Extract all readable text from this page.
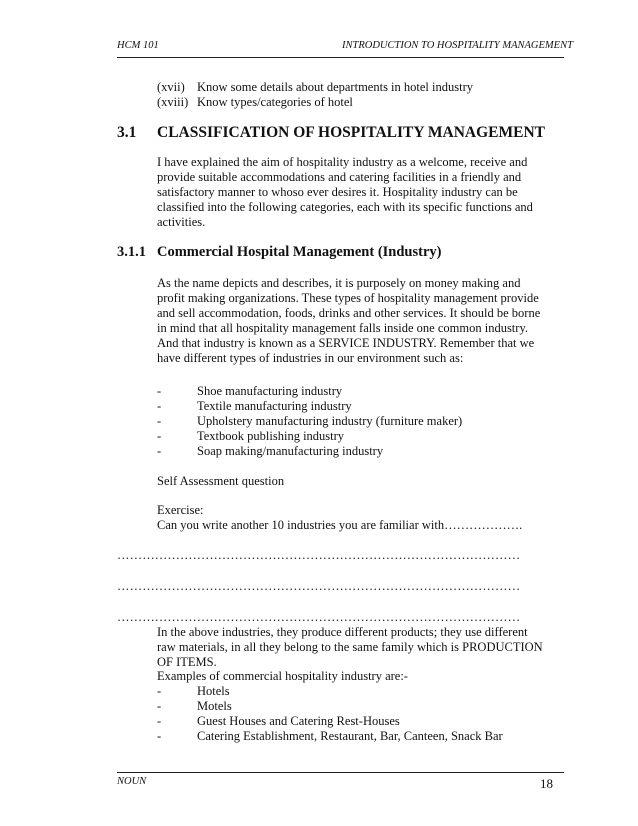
HCM 101	INTRODUCTION TO HOSPITALITY MANAGEMENT
(xvii) Know some details about departments in hotel industry
(xviii) Know types/categories of hotel
3.1 CLASSIFICATION OF HOSPITALITY MANAGEMENT
I have explained the aim of hospitality industry as a welcome, receive and
provide suitable accommodations and catering facilities in a friendly and
satisfactory manner to whoso ever desires it. Hospitality industry can be
classified into the following categories, each with its specific functions and
activities.
3.1.1 Commercial Hospital Management (Industry)
As the name depicts and describes, it is purposely on money making and
profit making organizations. These types of hospitality management provide
and sell accommodation, foods, drinks and other services. It should be borne
in mind that all hospitality management falls inside one common industry.
And that industry is known as a SERVICE INDUSTRY. Remember that we
have different types of industries in our environment such as:
-	Shoe manufacturing industry
-	Textile manufacturing industry
-	Upholstery manufacturing industry (furniture maker)
-	Textbook publishing industry
-	Soap making/manufacturing industry
Self Assessment question
Exercise:
Can you write another 10 industries you are familiar with……………….
……………………………………………………………………………………
……………………………………………………………………………………
……………………………………………………………………………………
In the above industries, they produce different products; they use different
raw materials, in all they belong to the same family which is PRODUCTION
OF ITEMS.
Examples of commercial hospitality industry are:-
-	Hotels
-	Motels
-	Guest Houses and Catering Rest-Houses
-	Catering Establishment, Restaurant, Bar, Canteen, Snack Bar
NOUN	18
